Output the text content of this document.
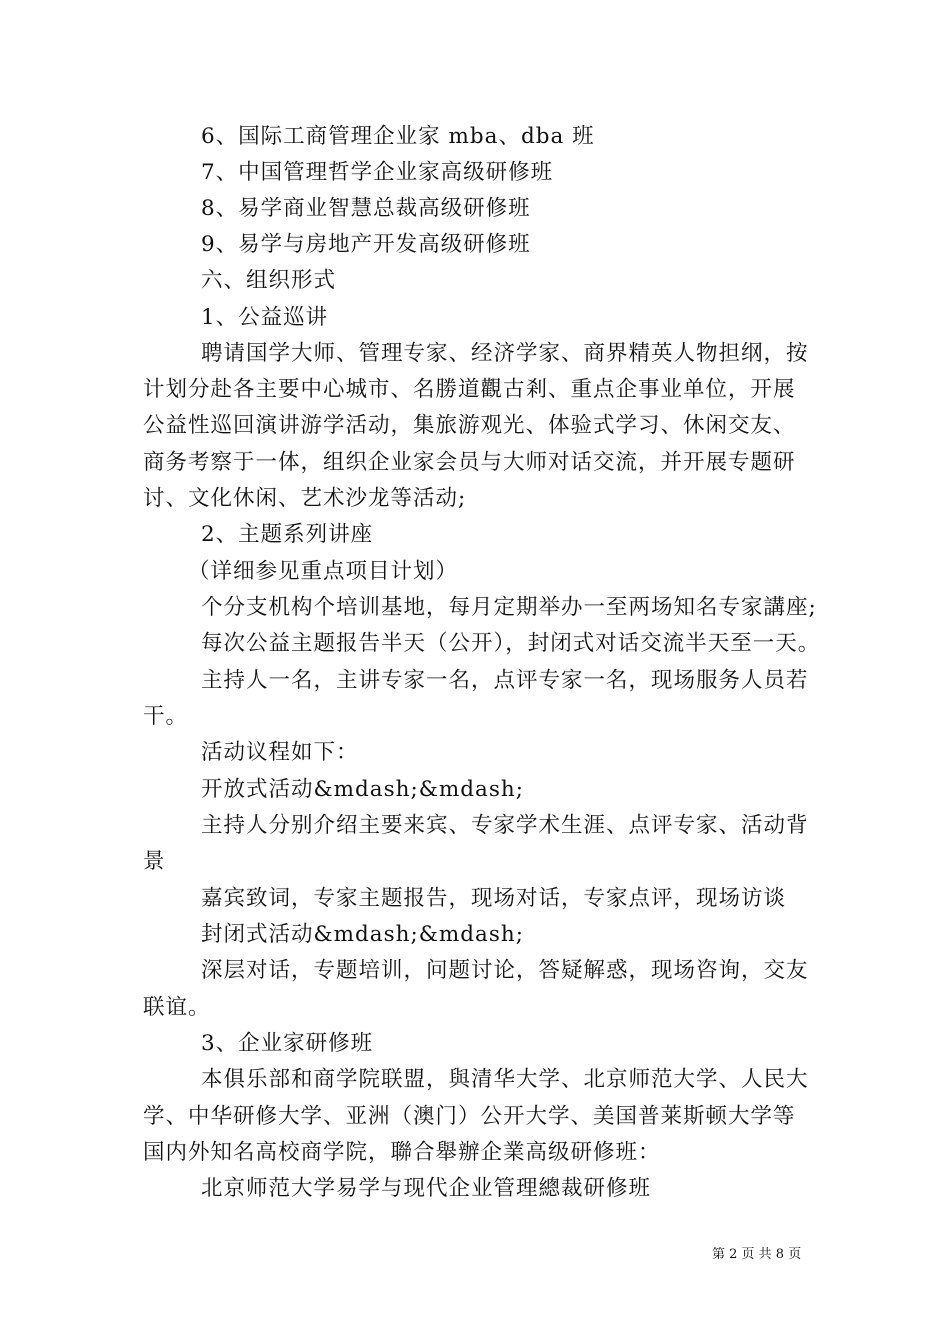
6、国际工商管理企业家 mba、dba 班
7、中国管理哲学企业家高级研修班
8、易学商业智慧总裁高级研修班
9、易学与房地产开发高级研修班
六、组织形式
1、公益巡讲
聘请国学大师、管理专家、经济学家、商界精英人物担纲，按
计划分赴各主要中心城市、名勝道觀古剎、重点企事业单位，开展
公益性巡回演讲游学活动，集旅游观光、体验式学习、休闲交友、
商务考察于一体，组织企业家会员与大师对话交流，并开展专题研
讨、文化休闲、艺术沙龙等活动;
2、主题系列讲座
（详细参见重点项目计划）
个分支机构个培训基地，每月定期举办一至两场知名专家講座;
每次公益主题报告半天（公开），封闭式对话交流半天至一天。
主持人一名，主讲专家一名，点评专家一名，现场服务人员若
干。
活动议程如下：
开放式活动&mdash;&mdash;
主持人分别介绍主要来宾、专家学术生涯、点评专家、活动背
景
嘉宾致词，专家主题报告，现场对话，专家点评，现场访谈
封闭式活动&mdash;&mdash;
深层对话，专题培训，问题讨论，答疑解惑，现场咨询，交友
联谊。
3、企业家研修班
本俱乐部和商学院联盟，與清华大学、北京师范大学、人民大
学、中华研修大学、亚洲（澳门）公开大学、美国普莱斯顿大学等
国内外知名高校商学院，聯合舉辦企業高级研修班：
北京师范大学易学与现代企业管理總裁研修班
第 2 页 共 8 页
